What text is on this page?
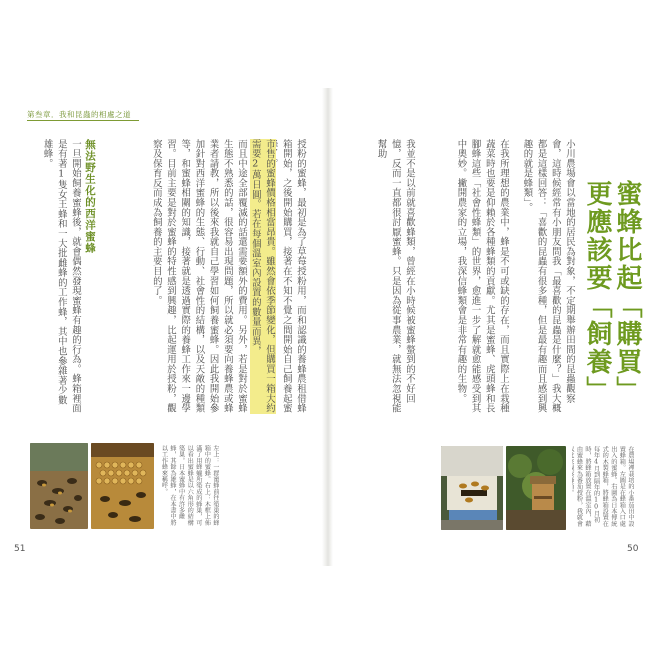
第叁章．我和昆蟲的相處之道
授粉的蜜蜂，最初是為了草莓授粉用，而和認識的養蜂農租借蜂箱開始，之後開始購買，接著在不知不覺之間開始自己飼養起蜜
市售的蜜蜂價格相當昂貴。雖然會依季節變化，但購買一箱大約需要2萬日圓。若在每個溫室內設置的數量而異，
而且中途全部覆滅的話還需要額外的費用。另外，若是對於蜜蜂生態不熟悉的話，很容易出現問題，所以就必須要向養蜂農或蜂業者請教，所以後來我就自己學習如何飼養蜜蜂。因此我開始參加針對西洋蜜蜂的生態、行動、社會性的結構，以及天敵的種類等，和蜜蜂相關的知識，接著就是透過實際的養蜂工作來一邊學習。目前主要是對於蜜蜂的特性感到興趣，比起運用於授粉，觀察及保育反而成為飼養的主要目的了。
無法野生化的西洋蜜蜂
一旦開始飼養蜜蜂後，就會偶然發現蜜蜂有趣的行為。蜂箱裡面是有著1隻女王蜂和一大批雌蜂的工作蜂，其中也參雜著少數雄蜂。
左上：一群蜜蜂前往築巢的蜂箱中的蜜蜂。右上：木框上佈滿了用蜂蠟所築成的蜂巢，可以看出蜜蜂是以六角形的結構築巢。日本蜜蜂中有許多雌蜂，其餘為雄蜂，在本書中將以工作蜂來稱呼。
51
蜜蜂比起「購買」
更應該要「飼養」
小川農場會以當地的居民為對象，不定期舉辦田間的昆蟲觀察會，這時候經常有小朋友問我「最喜歡的昆蟲是什麼？」我大概都是這樣回答：「喜歡的昆蟲有很多種，但是最有趣而且感到興趣的就是蜂類」。
在我所理想的農業中，蜂是不可或缺的存在，而且實際上在栽種蔬菜時也要是仰賴於各種蜂類的貢獻。尤其是蜜蜂、虎頭蜂和長腳蜂這些「社會性蜂類」的世界，愈進一步了解就愈能感受到其中奧妙。撇開農家的立場，我深信蜂類會是非常有趣的生物。
我並不是以前就喜歡蜂類，曾經在小時候被蜜蜂螫到的不好回憶，反而一直都很討厭蜜蜂。只是因為從事農業，就無法忽視能幫助
在農場裡栽培的小番茄田中設置蜂箱。左圖是在蜂箱入口處出入的蜜蜂。右圖為日本傳統式的木製蜂箱，將蜂箱設置在每年4月到隔年的10月初時，將蜂箱放置在溫室內，藉由蜜蜂來為番茄授粉，我就會
50
